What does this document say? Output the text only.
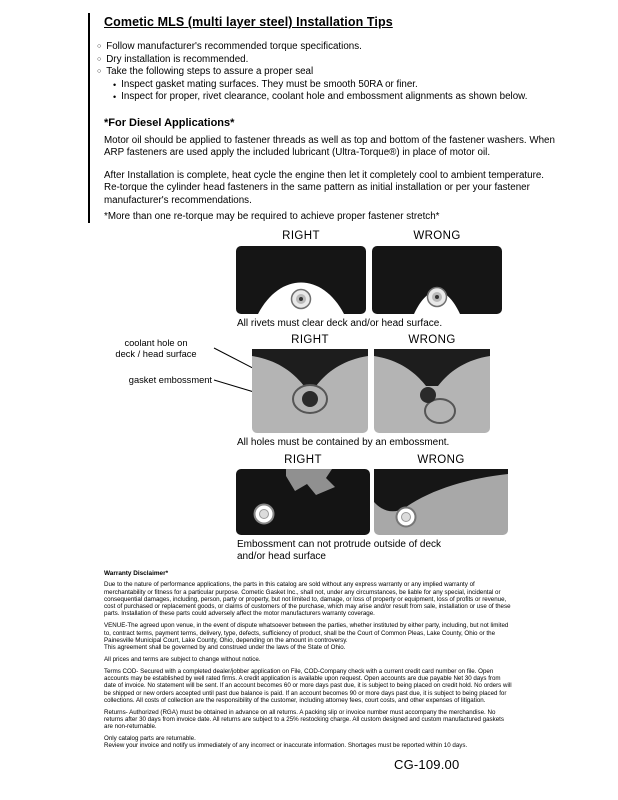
Cometic MLS (multi layer steel) Installation Tips
○ Follow manufacturer's recommended torque specifications.
○ Dry installation is recommended.
○ Take the following steps to assure a proper seal
• Inspect gasket mating surfaces. They must be smooth 50RA or finer.
• Inspect for proper, rivet clearance, coolant hole and embossment alignments as shown below.
*For Diesel Applications*
Motor oil should be applied to fastener threads as well as top and bottom of the fastener washers. When ARP fasteners are used apply the included lubricant (Ultra-Torque®) in place of motor oil.
After Installation is complete, heat cycle the engine then let it completely cool to ambient temperature. Re-torque the cylinder head fasteners in the same pattern as initial installation or per your fastener manufacturer's recommendations.
*More than one re-torque may be required to achieve proper fastener stretch*
RIGHT	WRONG
All rivets must clear deck and/or head surface.
RIGHT	WRONG
coolant hole on
deck / head surface
gasket embossment
All holes must be contained by an embossment.
RIGHT	WRONG
Embossment can not protrude outside of deck
and/or head surface
Warranty Disclaimer*

Due to the nature of performance applications, the parts in this catalog are sold without any express warranty or any implied warranty of merchantability or fitness for a particular purpose. Cometic Gasket Inc., shall not, under any circumstances, be liable for any special, incidental or consequential damages, including, person, party or property, but not limited to, damage, or loss of property or equipment, loss of profits or revenue, cost of purchased or replacement goods, or claims of customers of the purchase, which may arise and/or result from sale, installation or use of these parts. Installation of these parts could adversely affect the motor manufacturers warranty coverage.

VENUE-The agreed upon venue, in the event of dispute whatsoever between the parties, whether instituted by either party, including, but not limited to, contract terms, payment terms, delivery, type, defects, sufficiency of product, shall be the Court of Common Pleas, Lake County, Ohio or the Painesville Municipal Court, Lake County, Ohio, depending on the amount in controversy.

This agreement shall be governed by and construed under the laws of the State of Ohio.

All prices and terms are subject to change without notice.

Terms COD- Secured with a completed dealer/jobber application on File, COD-Company check with a current credit card number on file. Open accounts may be established by well rated firms. A credit application is available upon request. Open accounts are due payable Net 30 days from date of invoice. No statement will be sent. If an account becomes 60 or more days past due, it is subject to being placed on credit hold. No orders will be shipped or new orders accepted until past due balance is paid. If an account becomes 90 or more days past due, it is subject to being placed for collections. All costs of collection are the responsibility of the customer, including attorney fees, court costs, and other expenses of litigation.

Returns- Authorized (RGA) must be obtained in advance on all returns. A packing slip or invoice number must accompany the merchandise. No returns after 30 days from invoice date. All returns are subject to a 25% restocking charge. All custom designed and custom manufactured gaskets are non-returnable.

Only catalog parts are returnable.

Review your invoice and notify us immediately of any incorrect or inaccurate information. Shortages must be reported within 10 days.

CG-109.00
